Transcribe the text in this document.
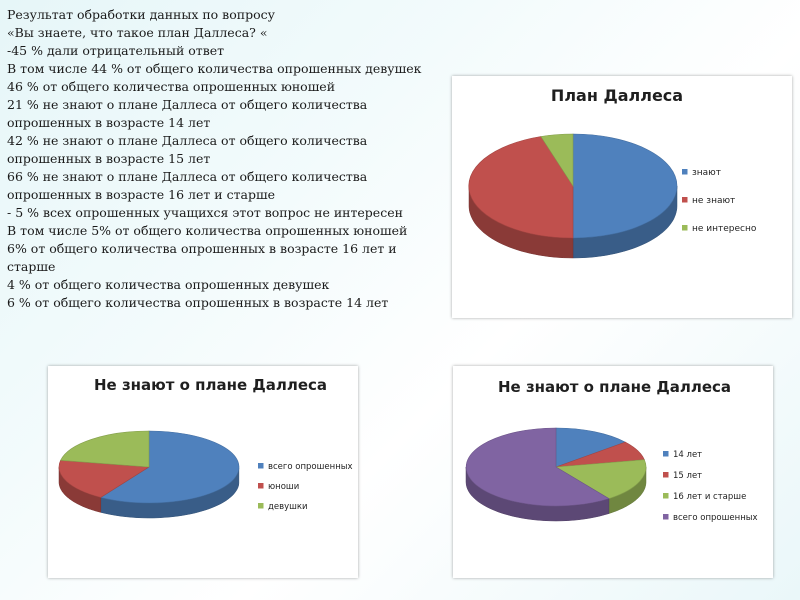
Результат обработки данных по вопросу
«Вы знаете, что такое план Даллеса? «
-45 % дали отрицательный ответ
В том числе 44 % от общего количества опрошенных девушек
46 % от общего количества опрошенных юношей
21 % не знают о плане Даллеса от общего количества
опрошенных в возрасте 14 лет
42 % не знают о плане Даллеса от общего количества
опрошенных в возрасте 15 лет
66 % не знают о плане Даллеса от общего количества
опрошенных в возрасте 16 лет и старше
- 5 % всех опрошенных учащихся этот вопрос не интересен
В том числе 5% от общего количества опрошенных юношей
6% от общего количества опрошенных в возрасте 16 лет и
старше
4 % от общего количества опрошенных девушек
6 % от общего количества опрошенных в возрасте 14 лет
План Даллеса
знают
не знают
не интересно
Не знают о плане Даллеса
всего опрошенных
юноши
девушки
Не знают о плане Даллеса
14 лет
15 лет
16 лет и старше
всего опрошенных
